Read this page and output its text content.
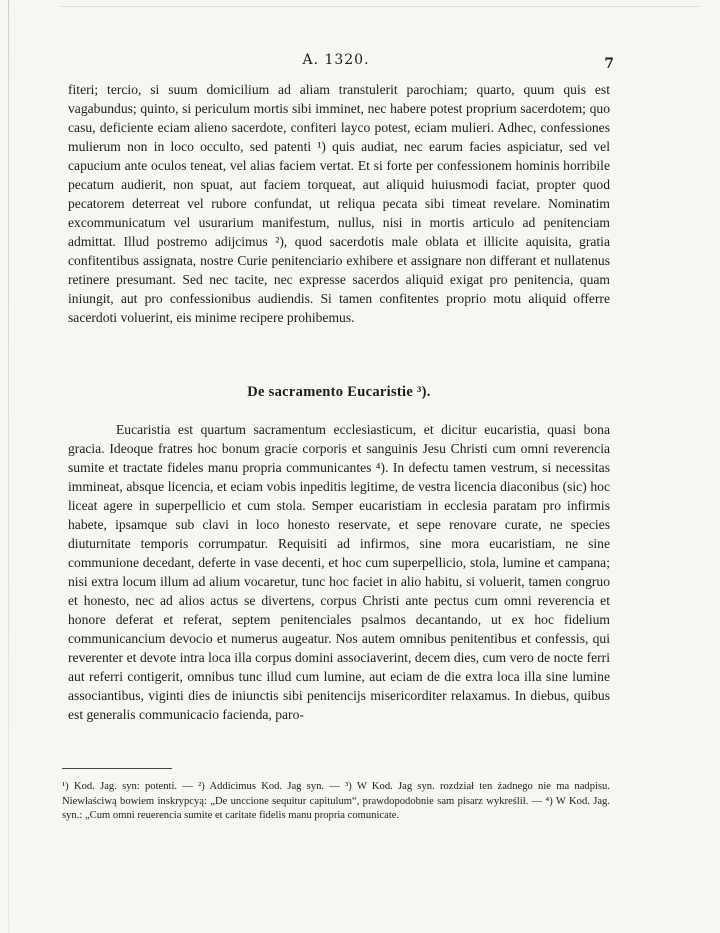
A. 1320.	7
fiteri; tercio, si suum domicilium ad aliam transtulerit parochiam; quarto, quum quis est vagabundus; quinto, si periculum mortis sibi imminet, nec habere potest proprium sacerdotem; quo casu, deficiente eciam alieno sacerdote, confiteri layco potest, eciam mulieri. Adhec, confessiones mulierum non in loco occulto, sed patenti ¹) quis audiat, nec earum facies aspiciatur, sed vel capucium ante oculos teneat, vel alias faciem vertat. Et si forte per confessionem hominis horribile pecatum audierit, non spuat, aut faciem torqueat, aut aliquid huiusmodi faciat, propter quod pecatorem deterreat vel rubore confundat, ut reliqua pecata sibi timeat revelare. Nominatim excommunicatum vel usurarium manifestum, nullus, nisi in mortis articulo ad penitenciam admittat. Illud postremo adijcimus ²), quod sacerdotis male oblata et illicite aquisita, gratia confitentibus assignata, nostre Curie penitenciario exhibere et assignare non differant et nullatenus retinere presumant. Sed nec tacite, nec expresse sacerdos aliquid exigat pro penitencia, quam iniungit, aut pro confessionibus audiendis. Si tamen confitentes proprio motu aliquid offerre sacerdoti voluerint, eis minime recipere prohibemus.
De sacramento Eucaristie ³).
Eucaristia est quartum sacramentum ecclesiasticum, et dicitur eucaristia, quasi bona gracia. Ideoque fratres hoc bonum gracie corporis et sanguinis Jesu Christi cum omni reverencia sumite et tractate fideles manu propria communicantes ⁴). In defectu tamen vestrum, si necessitas immineat, absque licencia, et eciam vobis inpeditis legitime, de vestra licencia diaconibus (sic) hoc liceat agere in superpellicio et cum stola. Semper eucaristiam in ecclesia paratam pro infirmis habete, ipsamque sub clavi in loco honesto reservate, et sepe renovare curate, ne species diuturnitate temporis corrumpatur. Requisiti ad infirmos, sine mora eucaristiam, ne sine communione decedant, deferte in vase decenti, et hoc cum superpellicio, stola, lumine et campana; nisi extra locum illum ad alium vocaretur, tunc hoc faciet in alio habitu, si voluerit, tamen congruo et honesto, nec ad alios actus se divertens, corpus Christi ante pectus cum omni reverencia et honore deferat et referat, septem penitenciales psalmos decantando, ut ex hoc fidelium communicancium devocio et numerus augeatur. Nos autem omnibus penitentibus et confessis, qui reverenter et devote intra loca illa corpus domini associaverint, decem dies, cum vero de nocte ferri aut referri contigerit, omnibus tunc illud cum lumine, aut eciam de die extra loca illa sine lumine associantibus, viginti dies de iniunctis sibi penitencijs misericorditer relaxamus. In diebus, quibus est generalis communicacio facienda, paro-
¹) Kod. Jag. syn: potenti. — ²) Addicimus Kod. Jag syn. — ³) W Kod. Jag syn. rozdział ten żadnego nie ma nadpisu. Niewłaściwą bowiem inskrypcyą: „De unccione sequitur capitulum“, prawdopodobnie sam pisarz wykreślił. — ⁴) W Kod. Jag. syn.: „Cum omni reuerencia sumite et caritate fidelis manu propria comunicate.
